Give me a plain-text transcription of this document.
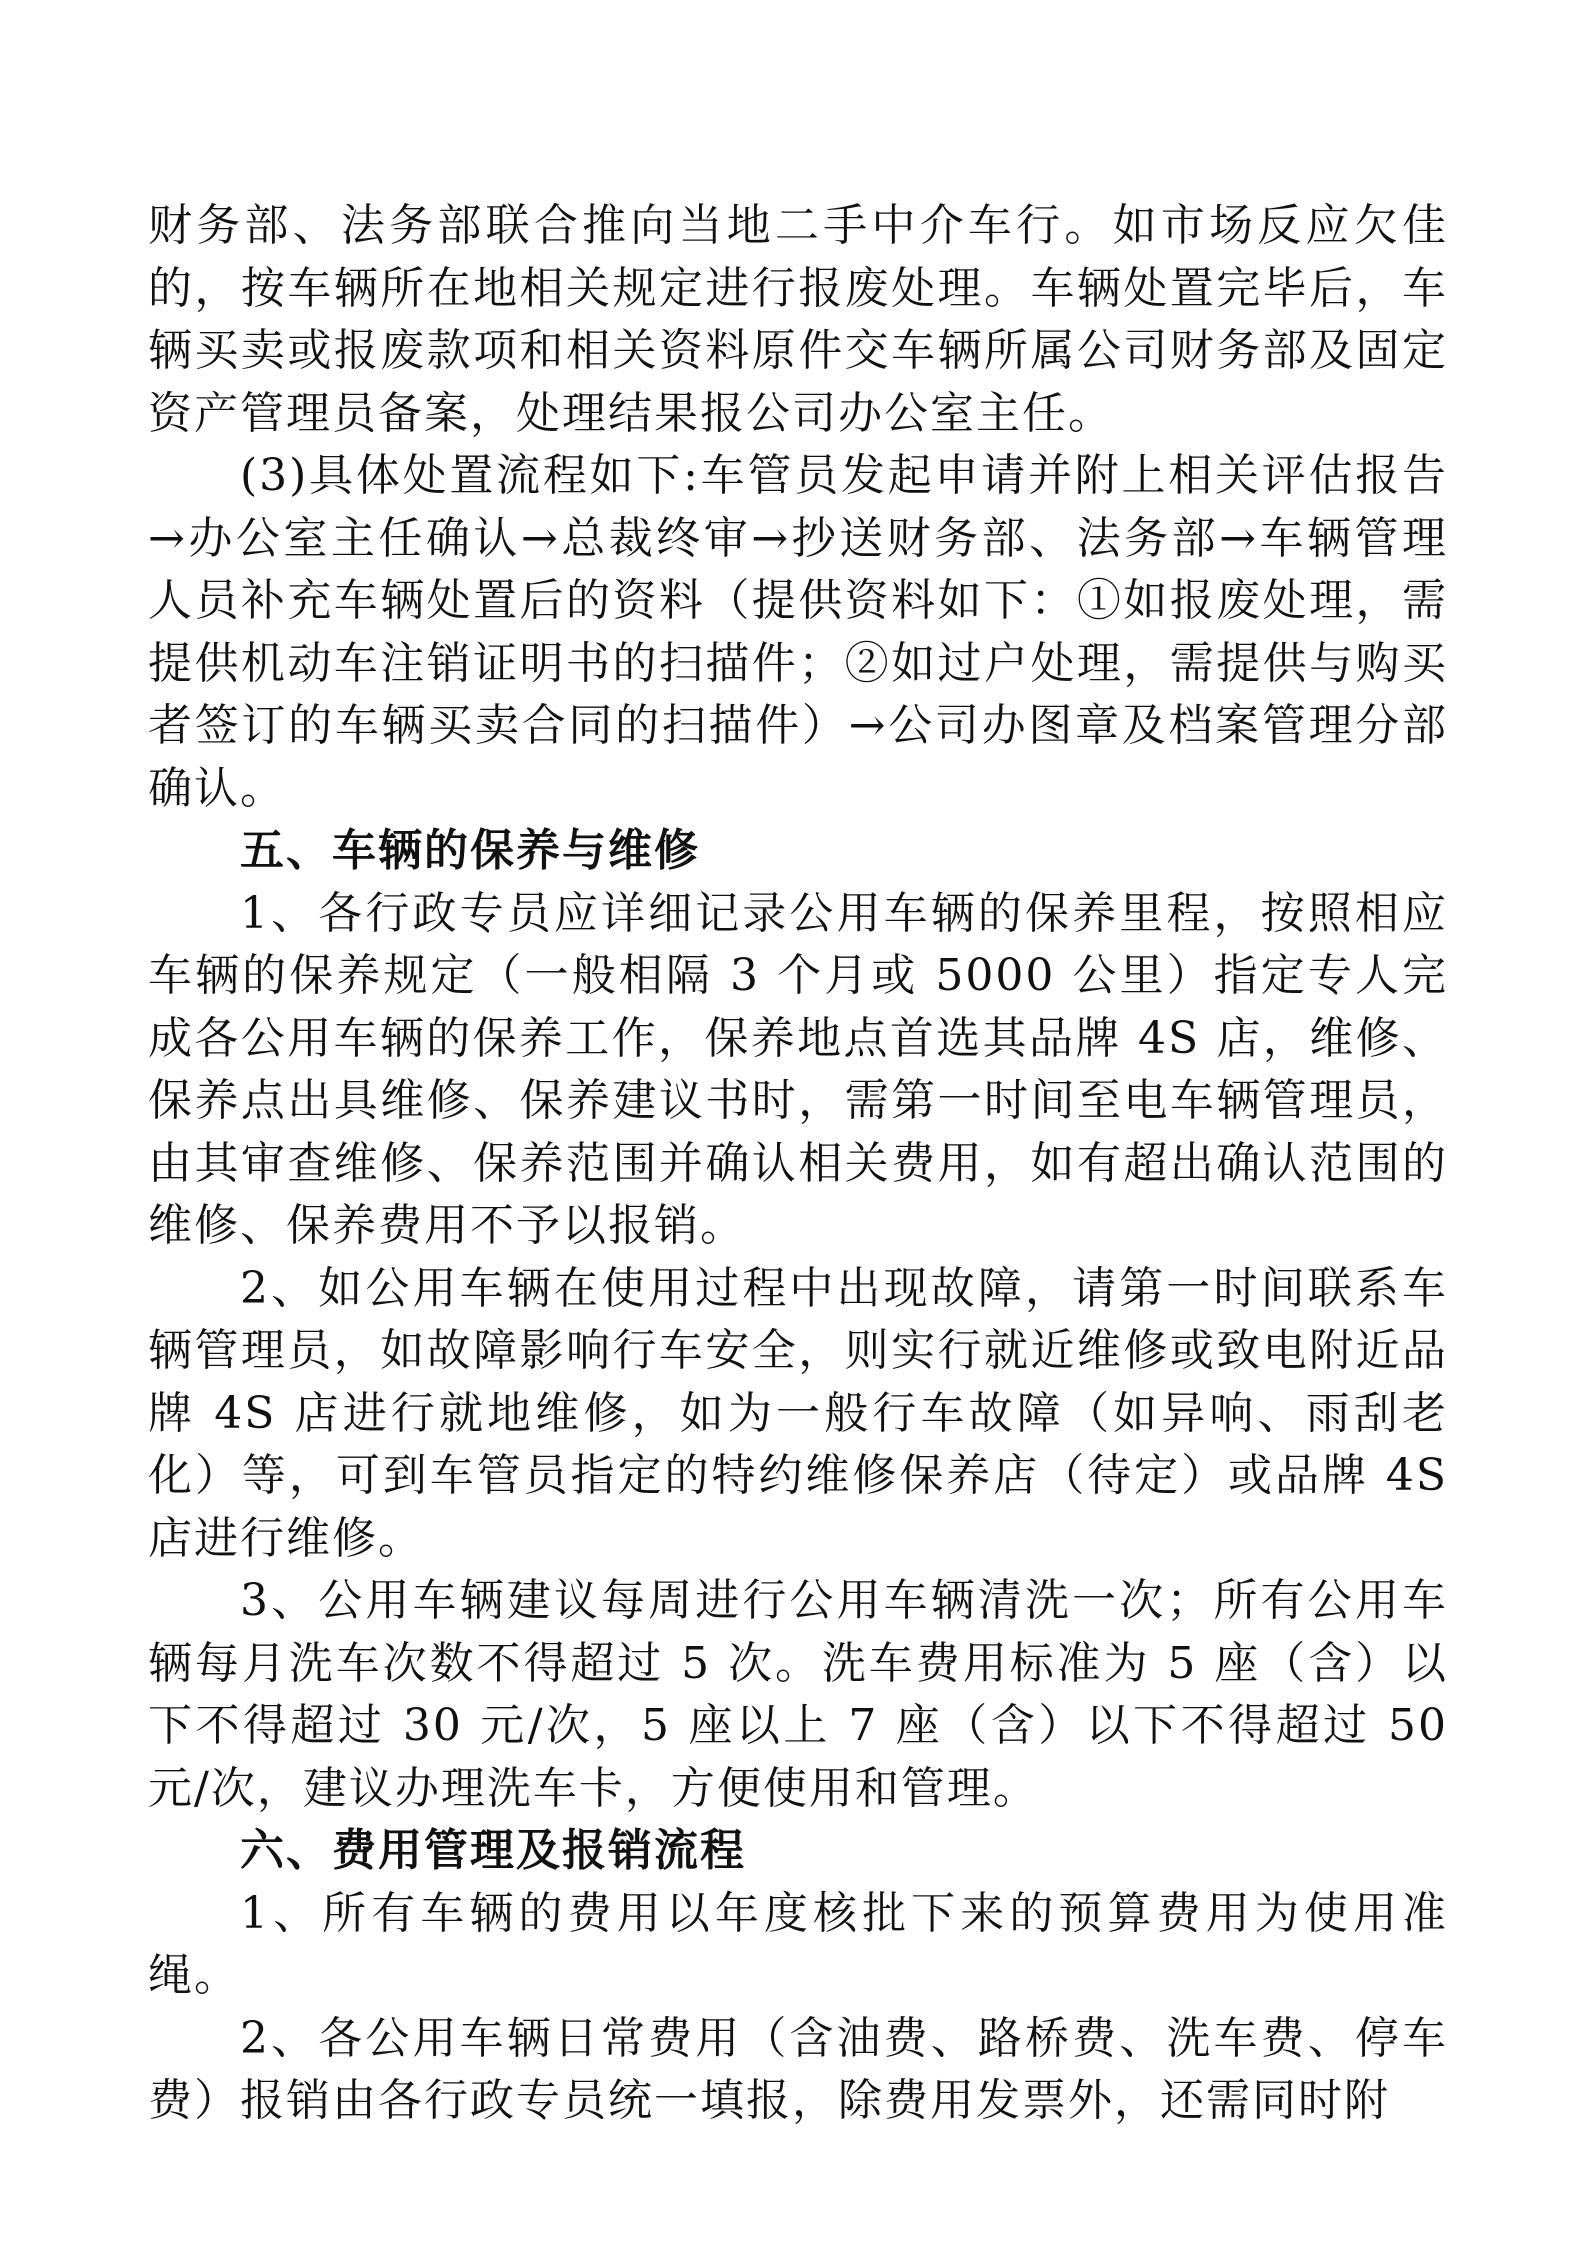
财务部、法务部联合推向当地二手中介车行。如市场反应欠佳的，按车辆所在地相关规定进行报废处理。车辆处置完毕后，车辆买卖或报废款项和相关资料原件交车辆所属公司财务部及固定资产管理员备案，处理结果报公司办公室主任。

(3)具体处置流程如下:车管员发起申请并附上相关评估报告→办公室主任确认→总裁终审→抄送财务部、法务部→车辆管理人员补充车辆处置后的资料（提供资料如下：①如报废处理，需提供机动车注销证明书的扫描件；②如过户处理，需提供与购买者签订的车辆买卖合同的扫描件）→公司办图章及档案管理分部确认。

五、车辆的保养与维修

1、各行政专员应详细记录公用车辆的保养里程，按照相应车辆的保养规定（一般相隔 3 个月或 5000 公里）指定专人完成各公用车辆的保养工作，保养地点首选其品牌 4S 店，维修、保养点出具维修、保养建议书时，需第一时间至电车辆管理员，由其审查维修、保养范围并确认相关费用，如有超出确认范围的维修、保养费用不予以报销。

2、如公用车辆在使用过程中出现故障，请第一时间联系车辆管理员，如故障影响行车安全，则实行就近维修或致电附近品牌 4S 店进行就地维修，如为一般行车故障（如异响、雨刮老化）等，可到车管员指定的特约维修保养店（待定）或品牌 4S 店进行维修。

3、公用车辆建议每周进行公用车辆清洗一次；所有公用车辆每月洗车次数不得超过 5 次。洗车费用标准为 5 座（含）以下不得超过 30 元/次，5 座以上 7 座（含）以下不得超过 50 元/次，建议办理洗车卡，方便使用和管理。

六、费用管理及报销流程

1、所有车辆的费用以年度核批下来的预算费用为使用准绳。

2、各公用车辆日常费用（含油费、路桥费、洗车费、停车费）报销由各行政专员统一填报，除费用发票外，还需同时附
